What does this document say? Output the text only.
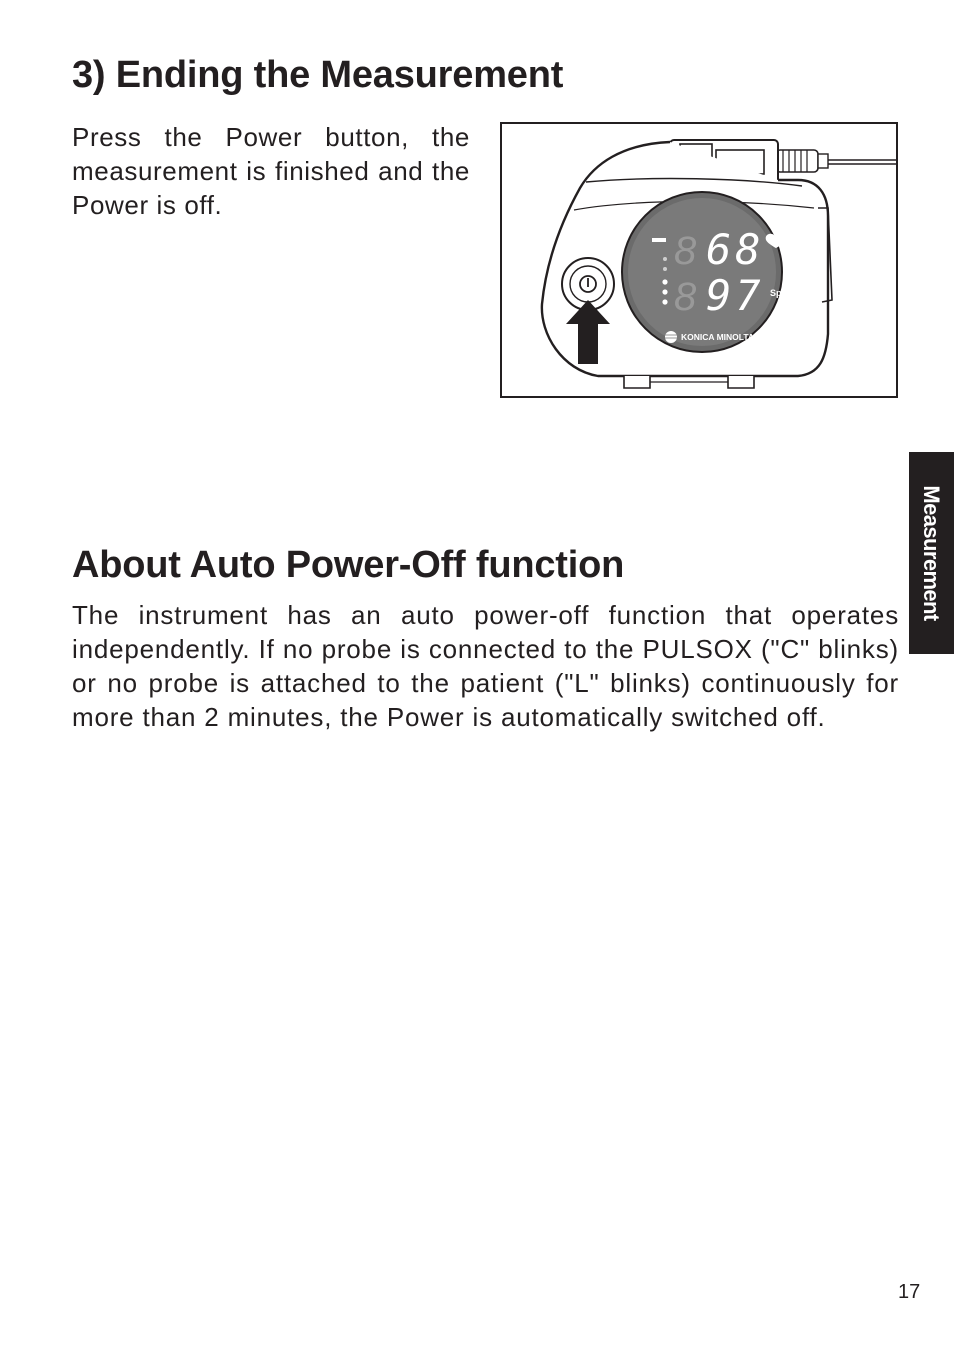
3) Ending the Measurement

Press the Power button, the measurement is finished and the Power is off.

8
8
68
97 SpO₂%
KONICA MINOLTA
About Auto Power-Off function

The instrument has an auto power-off function that operates independently. If no probe is connected to the PULSOX ("C" blinks) or no probe is attached to the patient ("L" blinks) continuously for more than 2 minutes, the Power is automatically switched off.

Measurement
17
